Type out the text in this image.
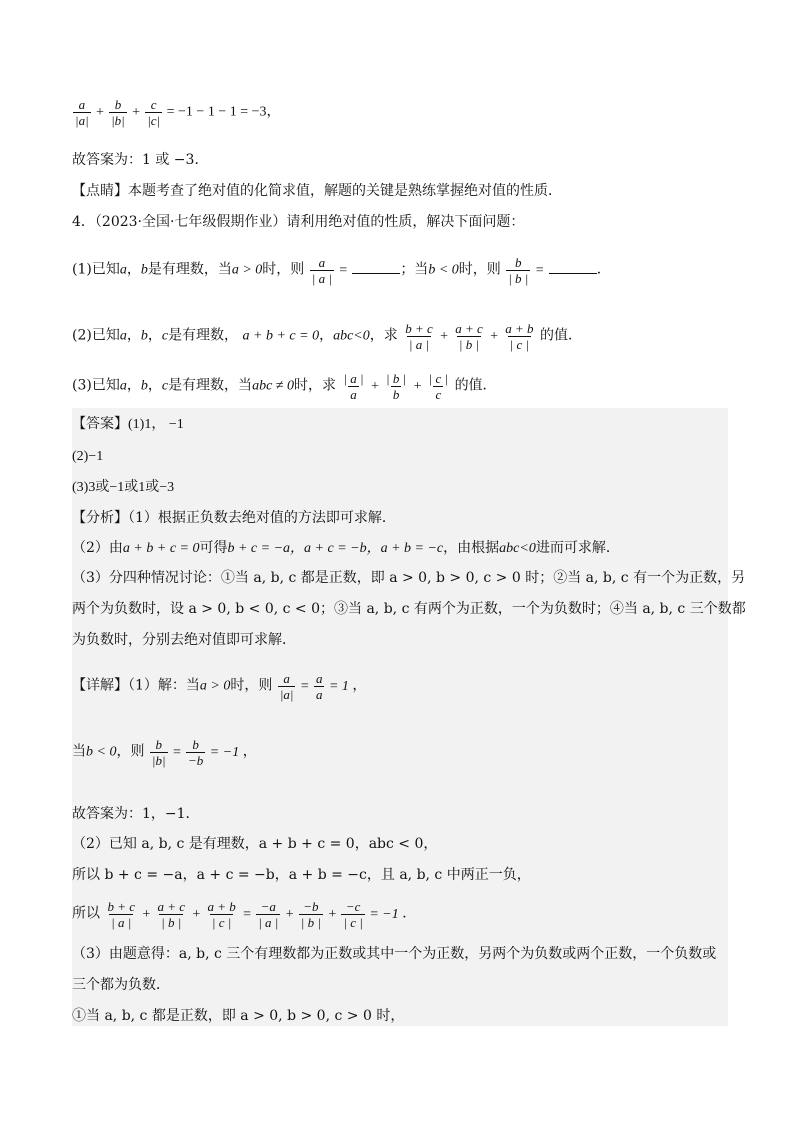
$\frac{a}{|a|} + \frac{b}{|b|} + \frac{c}{|c|} = -1 - 1 - 1 = -3$，
故答案为：1 或 −3．
【点睛】本题考查了绝对值的化简求值，解题的关键是熟练掌握绝对值的性质．
4．（2023·全国·七年级假期作业）请利用绝对值的性质，解决下面问题：
(1)已知a，b是有理数，当a > 0时，则 $\frac{a}{| a |}$ =	；当b < 0时，则 $\frac{b}{| b |}$ =	．
(2)已知a，b，c是有理数， a + b + c = 0，abc<0，求 $\frac{b + c}{| a |} + \frac{a + c}{| b |} + \frac{a + b}{| c |}$ 的值．
(3)已知a，b，c是有理数，当abc ≠ 0时，求 $\frac{| a |}{a} + \frac{| b |}{b} + \frac{| c |}{c}$ 的值．
【答案】(1)1， −1
(2)−1
(3)3或−1或1或−3
【分析】（1）根据正负数去绝对值的方法即可求解．
（2）由a + b + c = 0可得b + c = −a，a + c = −b，a + b = −c，由根据abc<0进而可求解．
（3）分四种情况讨论：①当 a, b, c 都是正数，即 a > 0, b > 0, c > 0 时；②当 a, b, c 有一个为正数，另
两个为负数时，设 a > 0, b < 0, c < 0；③当 a, b, c 有两个为正数，一个为负数时；④当 a, b, c 三个数都
为负数时，分别去绝对值即可求解．
【详解】（1）解：当a > 0时，则 $\frac{a}{|a|} = \frac{a}{a} = 1$ ，
当b < 0，则 $\frac{b}{|b|} = \frac{b}{-b} = -1$ ，
故答案为：1，−1．
（2）已知 a, b, c 是有理数，a + b + c = 0，abc < 0，
所以 b + c = −a，a + c = −b，a + b = −c，且 a, b, c 中两正一负，
所以 $\frac{b + c}{| a |} + \frac{a + c}{| b |} + \frac{a + b}{| c |} = \frac{-a}{| a |} + \frac{-b}{| b |} + \frac{-c}{| c |} = -1$ ．
（3）由题意得：a, b, c 三个有理数都为正数或其中一个为正数，另两个为负数或两个正数，一个负数或
三个都为负数．
①当 a, b, c 都是正数，即 a > 0, b > 0, c > 0 时，
